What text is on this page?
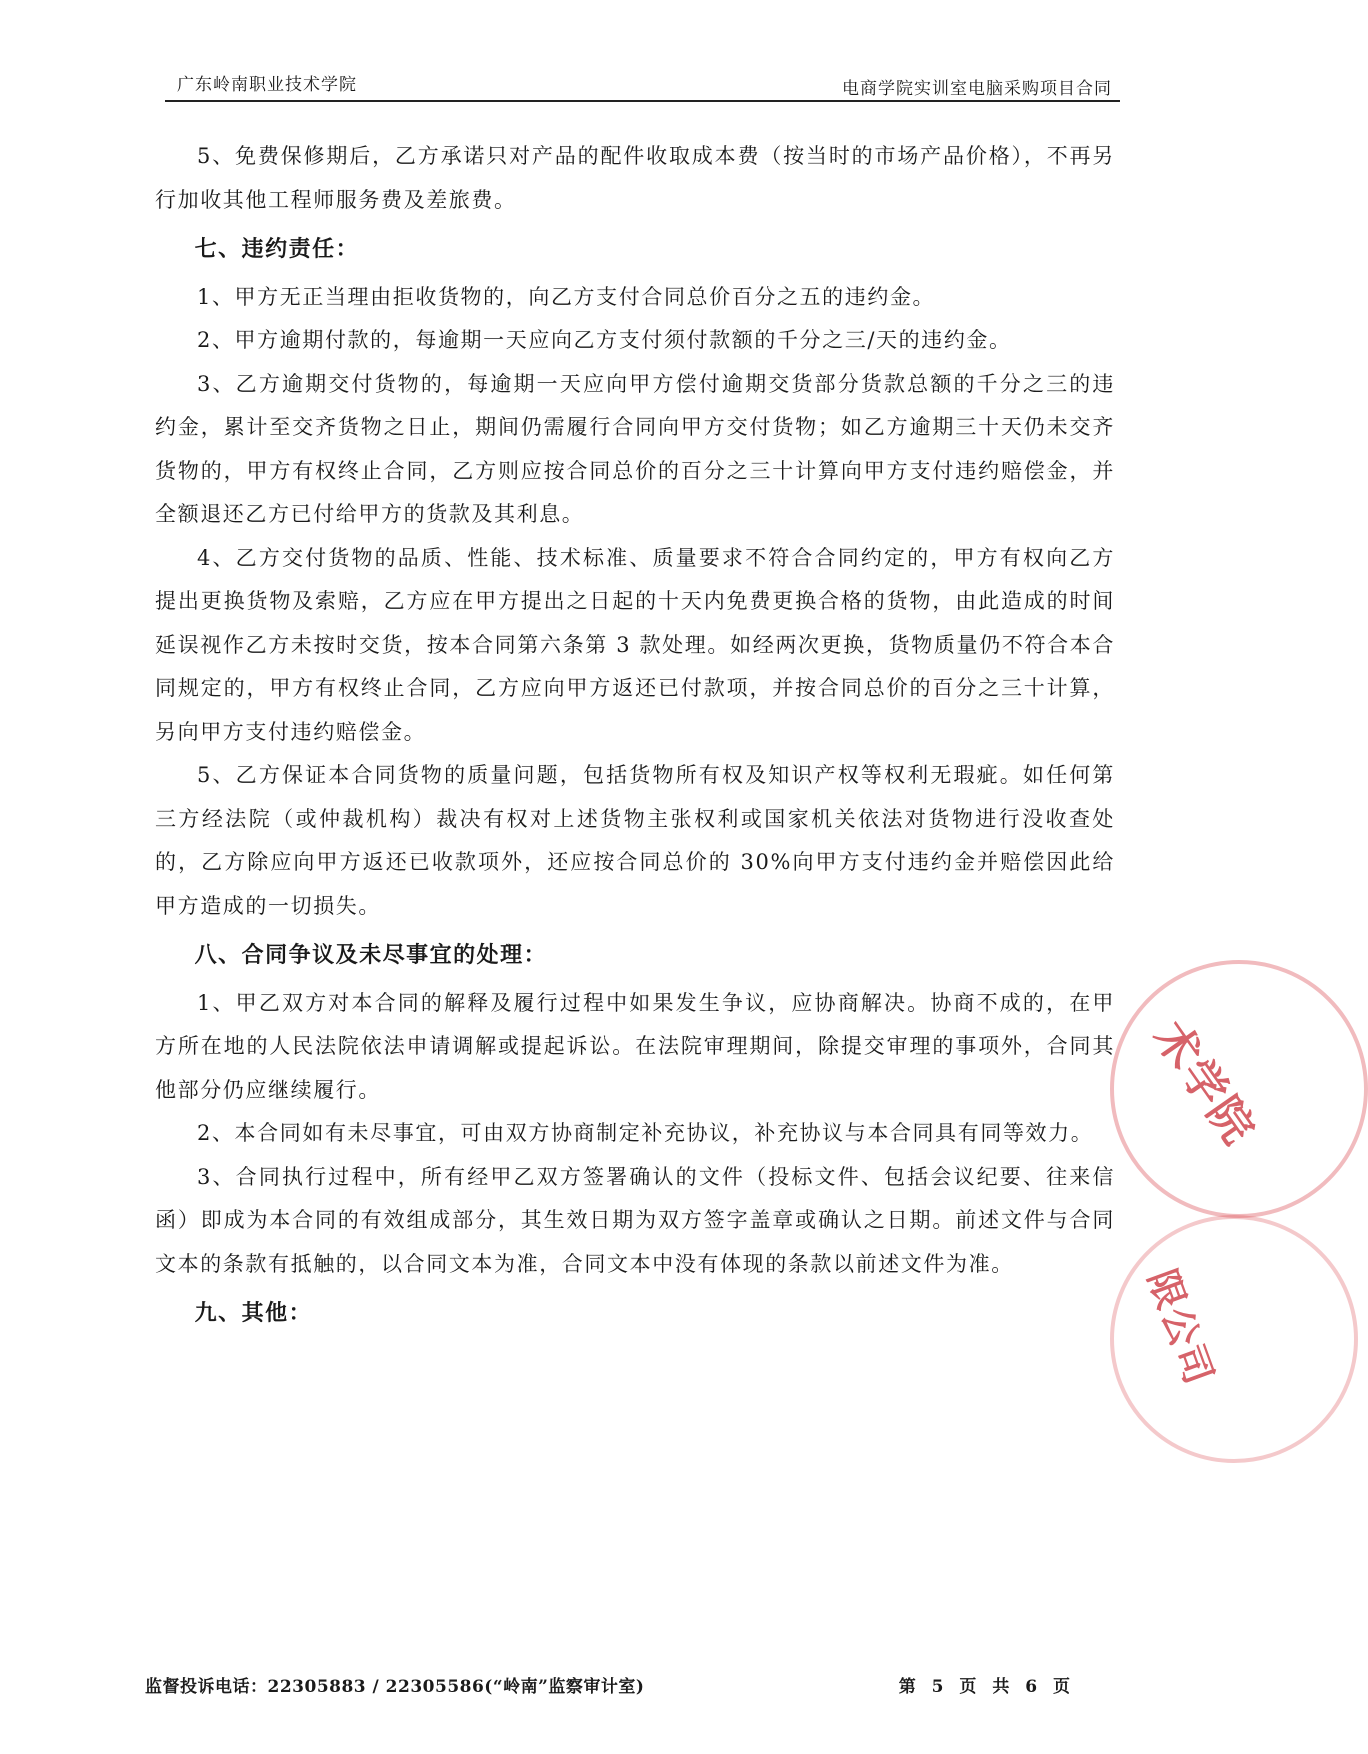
广东岭南职业技术学院	电商学院实训室电脑采购项目合同

5、免费保修期后，乙方承诺只对产品的配件收取成本费（按当时的市场产品价格），不再另行加收其他工程师服务费及差旅费。

七、违约责任：

1、甲方无正当理由拒收货物的，向乙方支付合同总价百分之五的违约金。

2、甲方逾期付款的，每逾期一天应向乙方支付须付款额的千分之三/天的违约金。

3、乙方逾期交付货物的，每逾期一天应向甲方偿付逾期交货部分货款总额的千分之三的违约金，累计至交齐货物之日止，期间仍需履行合同向甲方交付货物；如乙方逾期三十天仍未交齐货物的，甲方有权终止合同，乙方则应按合同总价的百分之三十计算向甲方支付违约赔偿金，并全额退还乙方已付给甲方的货款及其利息。

4、乙方交付货物的品质、性能、技术标准、质量要求不符合合同约定的，甲方有权向乙方提出更换货物及索赔，乙方应在甲方提出之日起的十天内免费更换合格的货物，由此造成的时间延误视作乙方未按时交货，按本合同第六条第 3 款处理。如经两次更换，货物质量仍不符合本合同规定的，甲方有权终止合同，乙方应向甲方返还已付款项，并按合同总价的百分之三十计算，另向甲方支付违约赔偿金。

5、乙方保证本合同货物的质量问题，包括货物所有权及知识产权等权利无瑕疵。如任何第三方经法院（或仲裁机构）裁决有权对上述货物主张权利或国家机关依法对货物进行没收查处的，乙方除应向甲方返还已收款项外，还应按合同总价的 30%向甲方支付违约金并赔偿因此给甲方造成的一切损失。

八、合同争议及未尽事宜的处理：

1、甲乙双方对本合同的解释及履行过程中如果发生争议，应协商解决。协商不成的，在甲方所在地的人民法院依法申请调解或提起诉讼。在法院审理期间，除提交审理的事项外，合同其他部分仍应继续履行。

2、本合同如有未尽事宜，可由双方协商制定补充协议，补充协议与本合同具有同等效力。

3、合同执行过程中，所有经甲乙双方签署确认的文件（投标文件、包括会议纪要、往来信函）即成为本合同的有效组成部分，其生效日期为双方签字盖章或确认之日期。前述文件与合同文本的条款有抵触的，以合同文本为准，合同文本中没有体现的条款以前述文件为准。

九、其他：
术学院
限公司
监督投诉电话：22305883 / 22305586(“岭南”监察审计室)	第 5 页 共 6 页
